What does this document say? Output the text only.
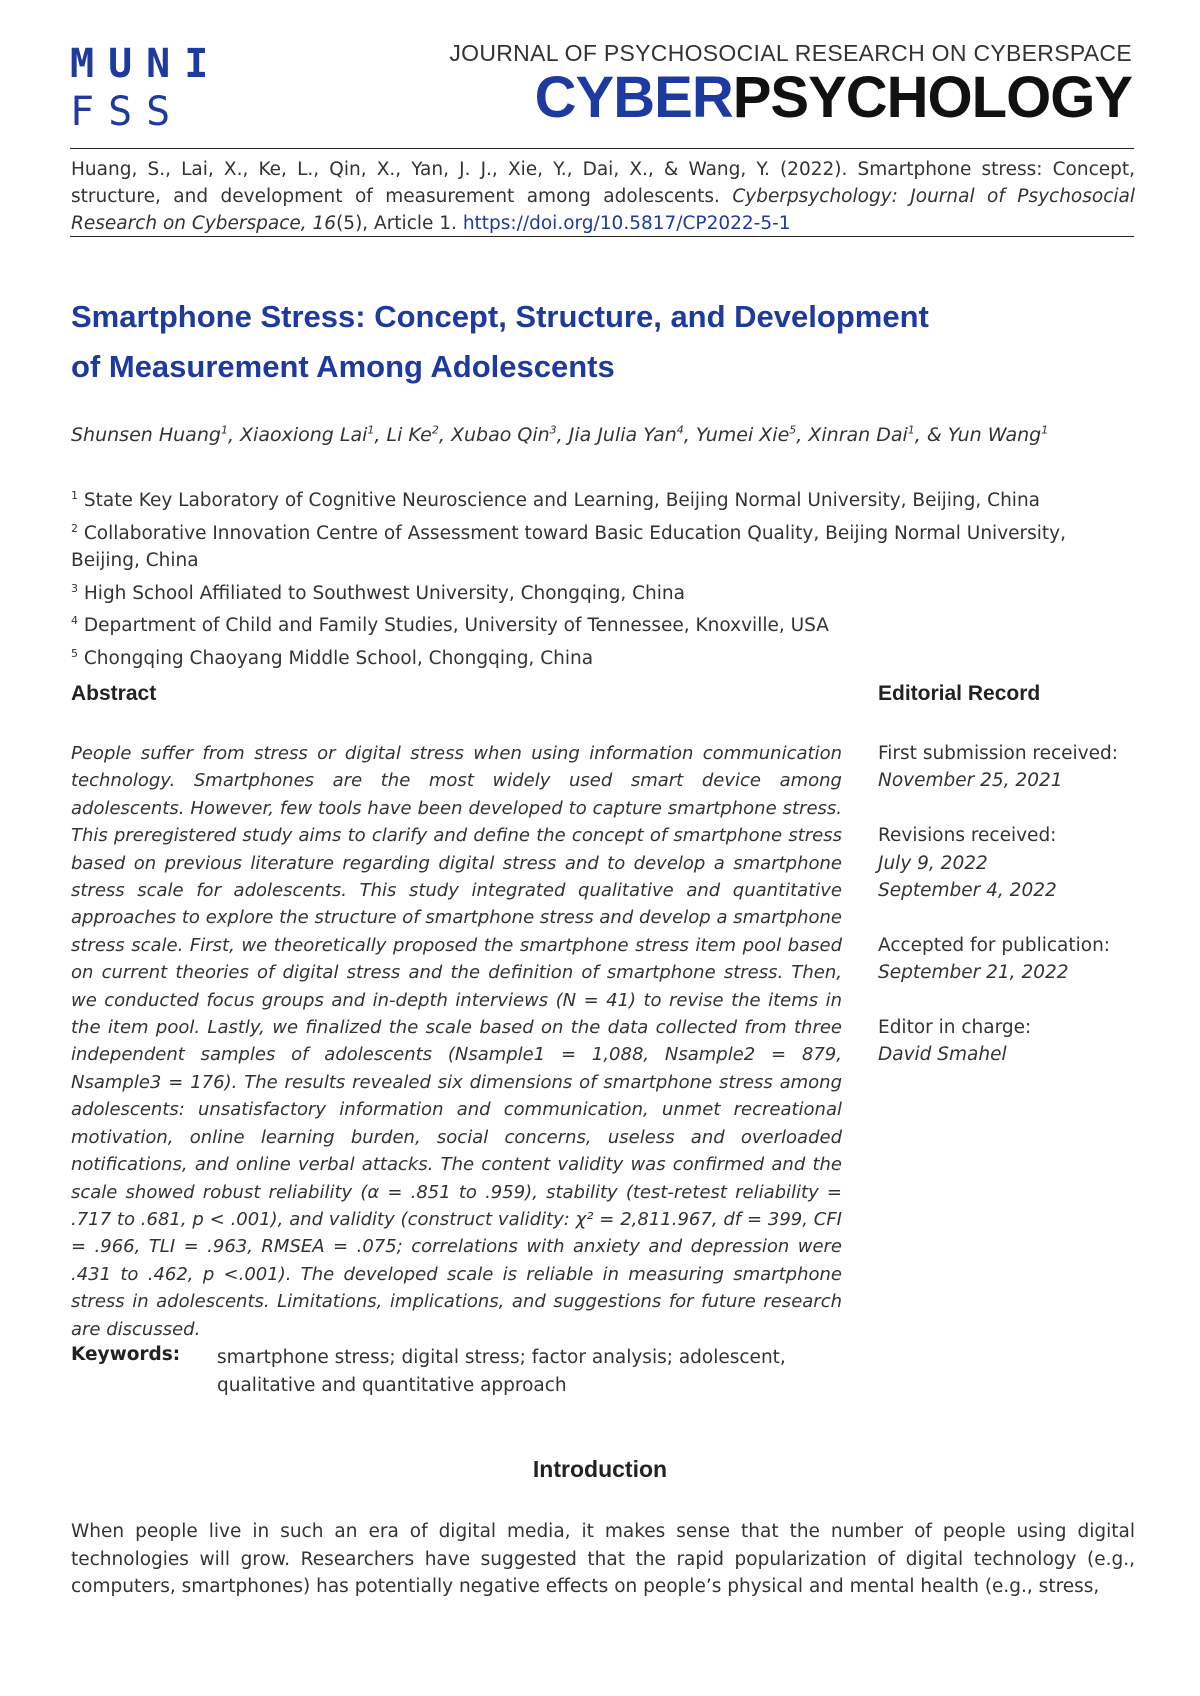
MUNI
FSS
JOURNAL OF PSYCHOSOCIAL RESEARCH ON CYBERSPACE
CYBERPSYCHOLOGY
Huang, S., Lai, X., Ke, L., Qin, X., Yan, J. J., Xie, Y., Dai, X., & Wang, Y. (2022). Smartphone stress: Concept, structure, and development of measurement among adolescents. Cyberpsychology: Journal of Psychosocial Research on Cyberspace, 16(5), Article 1. https://doi.org/10.5817/CP2022-5-1
Smartphone Stress: Concept, Structure, and Development
of Measurement Among Adolescents
Shunsen Huang$^1$, Xiaoxiong Lai$^1$, Li Ke$^2$, Xubao Qin$^3$, Jia Julia Yan$^4$, Yumei Xie$^5$, Xinran Dai$^1$, & Yun Wang$^1$
$^1$ State Key Laboratory of Cognitive Neuroscience and Learning, Beijing Normal University, Beijing, China
$^2$ Collaborative Innovation Centre of Assessment toward Basic Education Quality, Beijing Normal University,
Beijing, China
$^3$ High School Affiliated to Southwest University, Chongqing, China
$^4$ Department of Child and Family Studies, University of Tennessee, Knoxville, USA
$^5$ Chongqing Chaoyang Middle School, Chongqing, China
Abstract
People suffer from stress or digital stress when using information communication technology. Smartphones are the most widely used smart device among adolescents. However, few tools have been developed to capture smartphone stress. This preregistered study aims to clarify and define the concept of smartphone stress based on previous literature regarding digital stress and to develop a smartphone stress scale for adolescents. This study integrated qualitative and quantitative approaches to explore the structure of smartphone stress and develop a smartphone stress scale. First, we theoretically proposed the smartphone stress item pool based on current theories of digital stress and the definition of smartphone stress. Then, we conducted focus groups and in-depth interviews (N = 41) to revise the items in the item pool. Lastly, we finalized the scale based on the data collected from three independent samples of adolescents (Nsample1 = 1,088, Nsample2 = 879, Nsample3 = 176). The results revealed six dimensions of smartphone stress among adolescents: unsatisfactory information and communication, unmet recreational motivation, online learning burden, social concerns, useless and overloaded notifications, and online verbal attacks. The content validity was confirmed and the scale showed robust reliability (α = .851 to .959), stability (test-retest reliability = .717 to .681, p < .001), and validity (construct validity: χ² = 2,811.967, df = 399, CFI = .966, TLI = .963, RMSEA = .075; correlations with anxiety and depression were .431 to .462, p <.001). The developed scale is reliable in measuring smartphone stress in adolescents. Limitations, implications, and suggestions for future research are discussed.
Editorial Record
First submission received:
November 25, 2021
Revisions received:
July 9, 2022
September 4, 2022
Accepted for publication:
September 21, 2022
Editor in charge:
David Smahel
Keywords: smartphone stress; digital stress; factor analysis; adolescent, qualitative and quantitative approach
Introduction
When people live in such an era of digital media, it makes sense that the number of people using digital technologies will grow. Researchers have suggested that the rapid popularization of digital technology (e.g., computers, smartphones) has potentially negative effects on people’s physical and mental health (e.g., stress,
